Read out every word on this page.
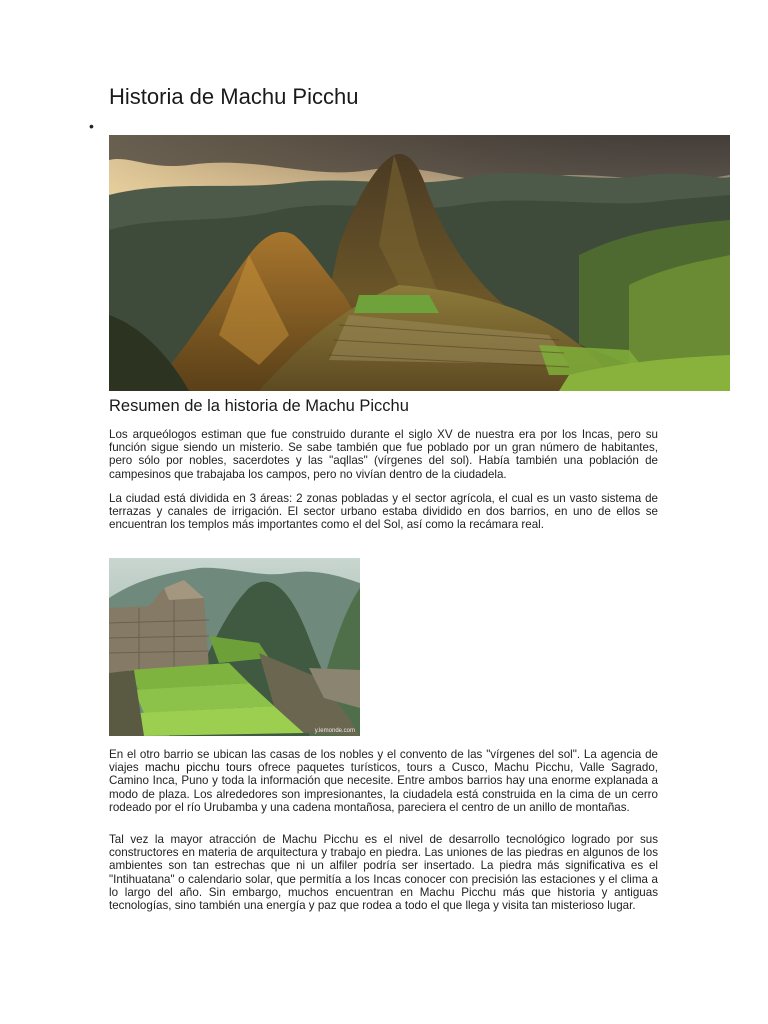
Historia de Machu Picchu
•
Resumen de la historia de Machu Picchu

Los arqueólogos estiman que fue construido durante el siglo XV de nuestra era por los Incas, pero su función sigue siendo un misterio. Se sabe también que fue poblado por un gran número de habitantes, pero sólo por nobles, sacerdotes y las "aqllas" (vírgenes del sol). Había también una población de campesinos que trabajaba los campos, pero no vivían dentro de la ciudadela.

La ciudad está dividida en 3 áreas: 2 zonas pobladas y el sector agrícola, el cual es un vasto sistema de terrazas y canales de irrigación. El sector urbano estaba dividido en dos barrios, en uno de ellos se encuentran los templos más importantes como el del Sol, así como la recámara real.

y.lemonde.com

En el otro barrio se ubican las casas de los nobles y el convento de las "vírgenes del sol". La agencia de viajes machu picchu tours ofrece paquetes turísticos, tours a Cusco, Machu Picchu, Valle Sagrado, Camino Inca, Puno y toda la información que necesite. Entre ambos barrios hay una enorme explanada a modo de plaza. Los alrededores son impresionantes, la ciudadela está construida en la cima de un cerro rodeado por el río Urubamba y una cadena montañosa, pareciera el centro de un anillo de montañas.

Tal vez la mayor atracción de Machu Picchu es el nivel de desarrollo tecnológico logrado por sus constructores en materia de arquitectura y trabajo en piedra. Las uniones de las piedras en algunos de los ambientes son tan estrechas que ni un alfiler podría ser insertado. La piedra más significativa es el "Intihuatana" o calendario solar, que permitía a los Incas conocer con precisión las estaciones y el clima a lo largo del año. Sin embargo, muchos encuentran en Machu Picchu más que historia y antiguas tecnologías, sino también una energía y paz que rodea a todo el que llega y visita tan misterioso lugar.
